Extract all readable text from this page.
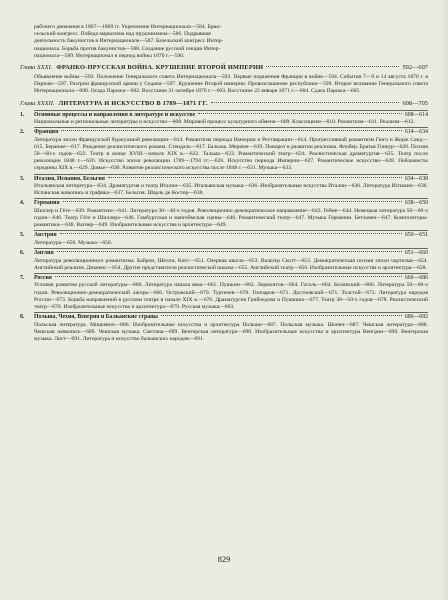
рабочего движения в 1867—1869 гг. Укрепление Интернационала—584. Брюс-
сельский конгресс. Победа марксизма над прудонизмом—586. Подрывная
деятельность бакунистов в Интернационале—587. Базельский конгресс Интер-
национала. Борьба против бакунистов—588. Создание русской секции Интер-
национала—589. Интернационал в период войны 1870 г.—590.
Глава XXXI. ФРАНКО-ПРУССКАЯ ВОЙНА. КРУШЕНИЕ ВТОРОЙ ИМПЕРИИ	592—607
Объявление войны—593. Положение Генерального совета Интернационала—593. Первые поражения Франции в войне—594. События 7—9 и 14 августа 1870 г. в Париже—597. Разгром французской армии у Седана—597. Крушение Второй империи. Провозглашение республики—599. Второе воззвание Генерального совета Интернационала—600. Осада Парижа—602. Восстание 31 октября 1870 г.—603. Восстание 22 января 1871 г.—604. Сдача Парижа—605.
Глава XXXII. ЛИТЕРАТУРА И ИСКУССТВО В 1789—1871 ГГ.	608—705
1.	Основные процессы и направления в литературе и искусстве	608—614
Национальные и региональные литературы и искусство—608. Мировой процесс культурного обмена—609. Классицизм—610. Романтизм—611. Реализм—612.
2.	Франция	614—634
Литература эпохи Французской буржуазной революции—614. Романтизм периода Империи и Реставрации—614. Прогрессивный романтизм Гюго и Жорж Санд—615. Беранже—617. Рождение реалистического романа. Стендаль—617. Бальзак. Мериме—619. Поворот в развитии реализма. Флобер. Братья Гонкур—620. Поэзия 50—60-х годов—622. Театр в конце XVIII—начале XIX в.—622. Тальма—623. Романтический театр—624. Реалистическая драматургия—625. Театр после революции 1848 г.—626. Искусство эпохи революции 1789—1794 гг.—626. Искусство периода Империи—627. Романтическое искусство—628. Пейзажисты середины XIX в.—629. Домье—630. Развитие реалистического искусства после 1848 г.—631. Музыка—633.
3.	Италия, Испания, Бельгия	634—638
Итальянская литература—634. Драматургия и театр Италии—635. Итальянская музыка—636. Изобразительные искусства Италии—636. Литература Испании—636. Испанская живопись и графика—637. Бельгия. Шарль де Костер—638.
4.	Германия	638—650
Шиллер и Гёте—639. Романтизм—641. Литература 30—40-х годов. Революционно-демократическое направление—643. Гейне—644. Немецкая литература 50—60-х годов—646. Театр Гёте и Шиллера—646. Гамбургская и мангеймская сцены—646. Романтический театр—647. Музыка Германии. Бетховен—647. Композиторы-романтики—648. Вагнер—649. Изобразительные искусства и архитектура—649.
5.	Австрия	650—651
Литература—650. Музыка—650.
6.	Англия	651—660
Литература революционного романтизма. Байрон, Шелли, Китс—651. Озерная школа—653. Вальтер Скотт—653. Демократическая поэзия эпохи чартизма—654. Английский реализм. Диккенс—654. Другие представители реалистической школы—655. Английский театр—656. Изобразительные искусства и архитектура—658.
7.	Россия	660—686
Условия развития русской литературы—660. Литература начала века—661. Пушкин—662. Лермонтов—664. Гоголь—664. Белинский—666. Литература 50—60-х годов. Революционно-демократический лагерь—666. Островский—670. Тургенев—670. Гончаров—671. Достоевский—671. Толстой—672. Литература народов России—673. Борьба направлений в русском театре в начале XIX в.—676. Драматургия Грибоедова и Пушкина—677. Театр 30—50-х годов—678. Реалистический театр—678. Изобразительные искусства и архитектура—679. Русская музыка—683.
8.	Польша, Чехия, Венгрия и Балканские страны	686—692
Польская литература. Мицкевич—686. Изобразительные искусства и архитектура Польши—687. Польская музыка. Шопен—687. Чешская литература—688. Чешская живопись—689. Чешская музыка. Сметана—689. Венгерская литература—690. Изобразительные искусства и архитектура Венгрии—690. Венгерская музыка. Лист—691. Литература и искусство балканских народов—691.
829
